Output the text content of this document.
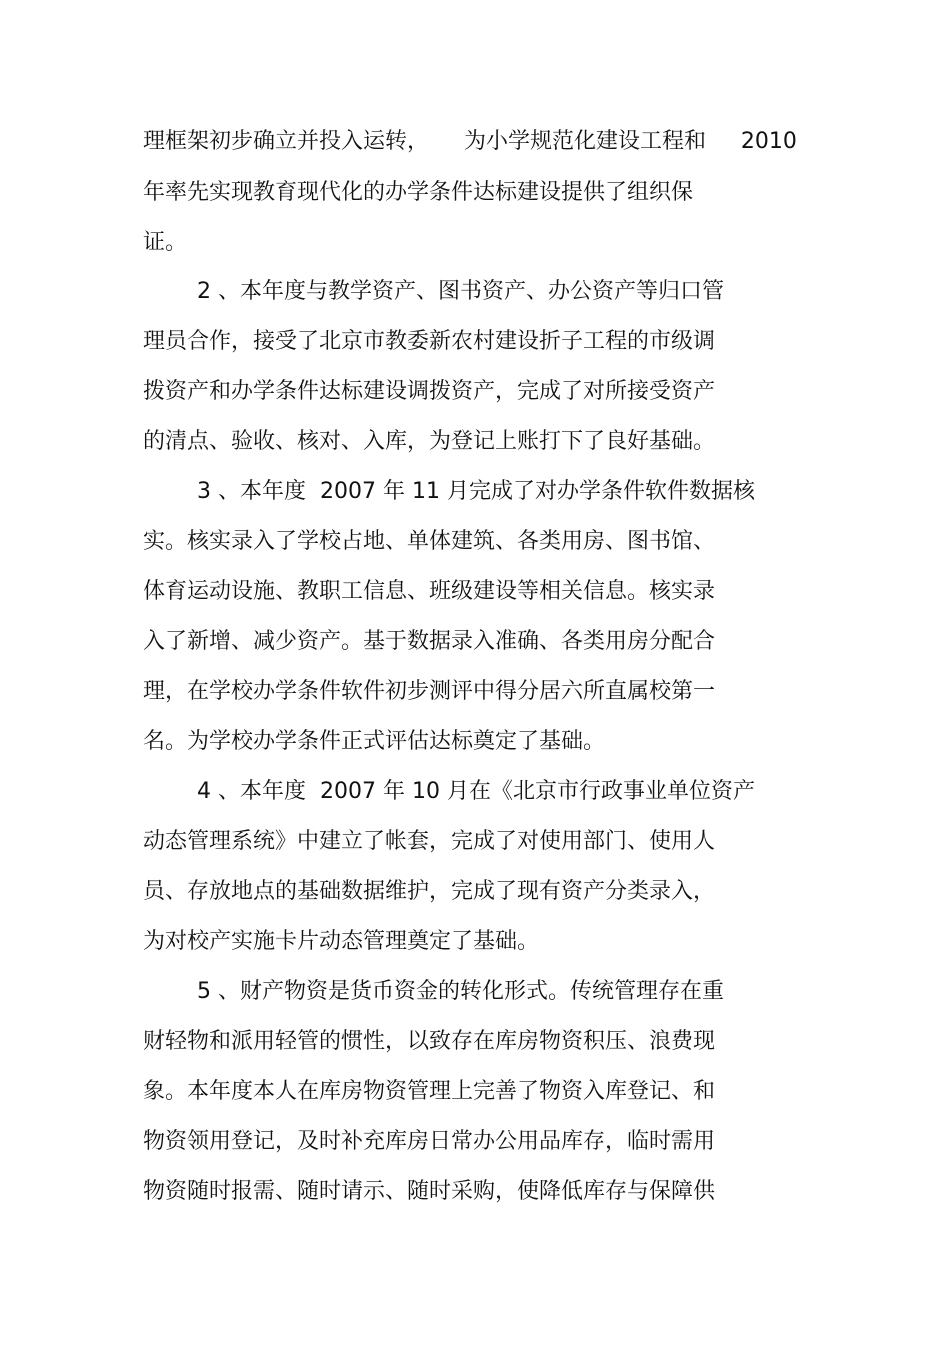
理框架初步确立并投入运转，     为小学规范化建设工程和     2010
年率先实现教育现代化的办学条件达标建设提供了组织保
证。
2 、本年度与教学资产、图书资产、办公资产等归口管
理员合作，接受了北京市教委新农村建设折子工程的市级调
拨资产和办学条件达标建设调拨资产，完成了对所接受资产
的清点、验收、核对、入库，为登记上账打下了良好基础。
3 、本年度  2007 年 11 月完成了对办学条件软件数据核
实。核实录入了学校占地、单体建筑、各类用房、图书馆、
体育运动设施、教职工信息、班级建设等相关信息。核实录
入了新增、减少资产。基于数据录入准确、各类用房分配合
理，在学校办学条件软件初步测评中得分居六所直属校第一
名。为学校办学条件正式评估达标奠定了基础。
4 、本年度  2007 年 10 月在《北京市行政事业单位资产
动态管理系统》中建立了帐套，完成了对使用部门、使用人
员、存放地点的基础数据维护，完成了现有资产分类录入，
为对校产实施卡片动态管理奠定了基础。
5 、财产物资是货币资金的转化形式。传统管理存在重
财轻物和派用轻管的惯性，以致存在库房物资积压、浪费现
象。本年度本人在库房物资管理上完善了物资入库登记、和
物资领用登记，及时补充库房日常办公用品库存，临时需用
物资随时报需、随时请示、随时采购，使降低库存与保障供
